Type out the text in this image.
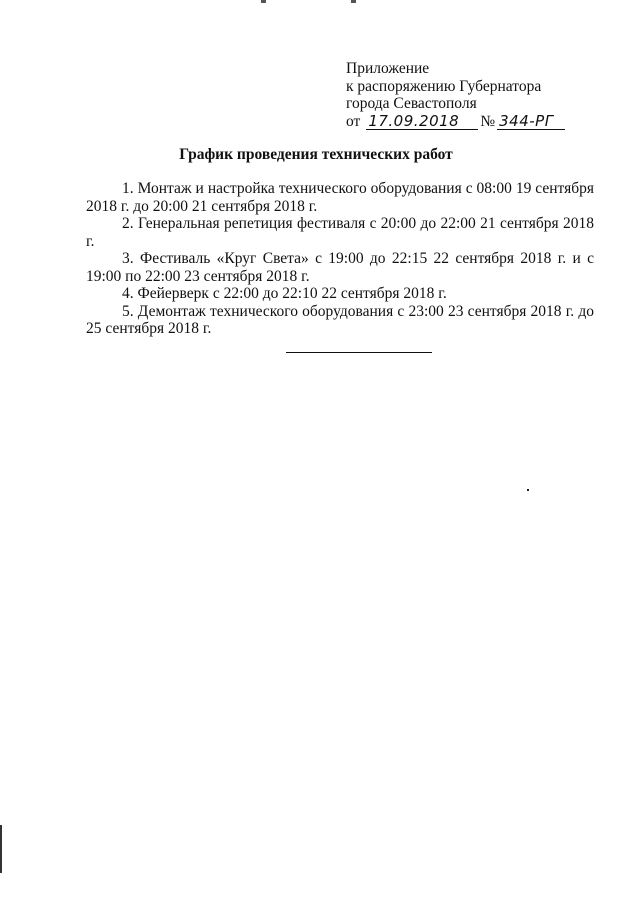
Приложение
к распоряжению Губернатора
города Севастополя
от 17.09.2018	№ 344-РГ
График проведения технических работ

1. Монтаж и настройка технического оборудования с 08:00 19 сентября 2018 г. до 20:00 21 сентября 2018 г.

2. Генеральная репетиция фестиваля с 20:00 до 22:00 21 сентября 2018 г.

3. Фестиваль «Круг Света» с 19:00 до 22:15 22 сентября 2018 г. и с 19:00 по 22:00 23 сентября 2018 г.

4. Фейерверк с 22:00 до 22:10 22 сентября 2018 г.

5. Демонтаж технического оборудования с 23:00 23 сентября 2018 г. до 25 сентября 2018 г.
